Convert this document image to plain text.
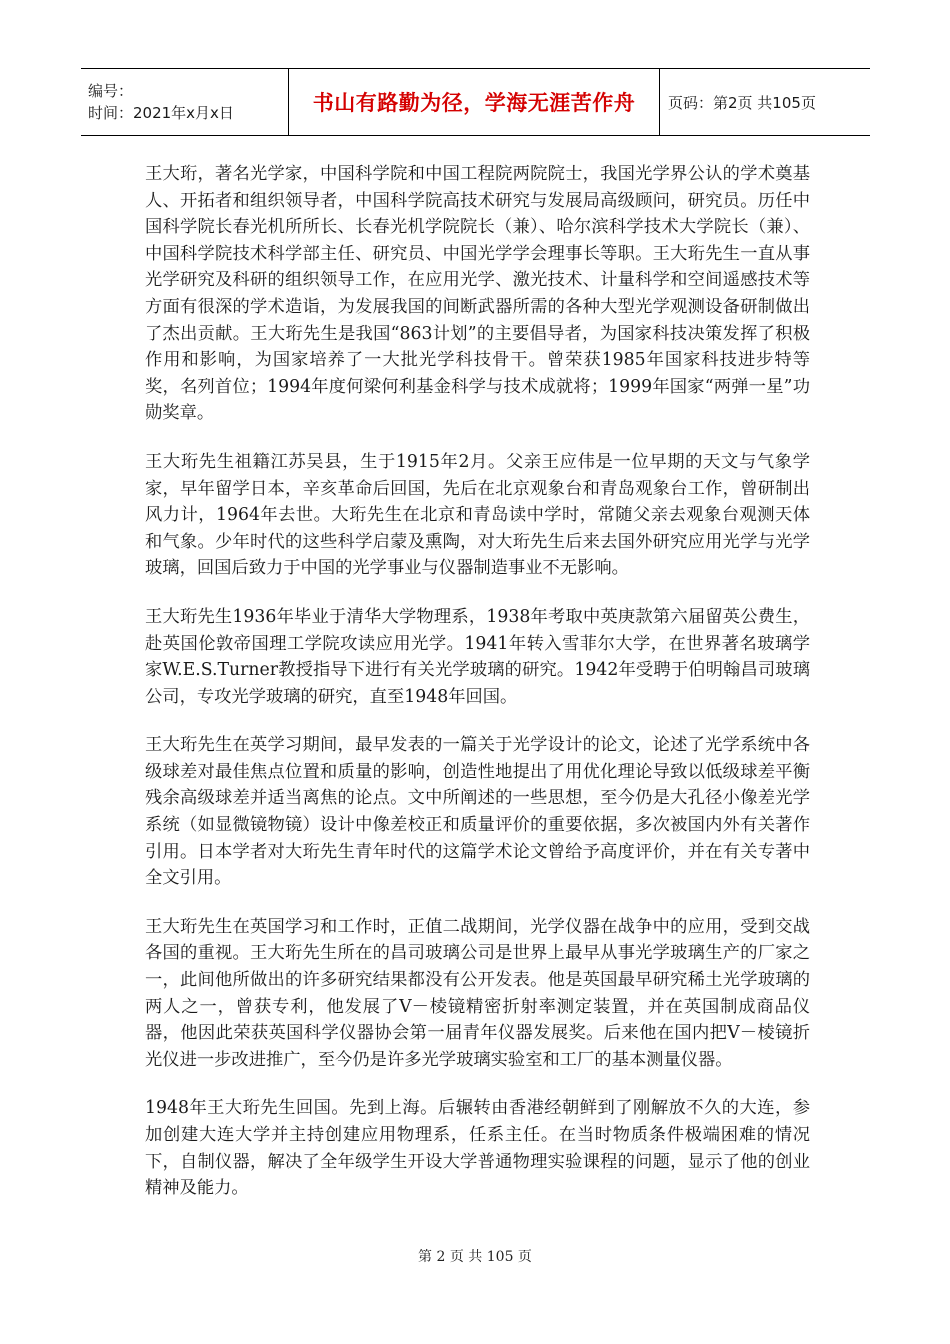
编号：
时间：2021年x月x日	书山有路勤为径，学海无涯苦作舟 页码：第2页 共105页

王大珩，著名光学家，中国科学院和中国工程院两院院士，我国光学界公认的学术奠基人、开拓者和组织领导者，中国科学院高技术研究与发展局高级顾问，研究员。历任中国科学院长春光机所所长、长春光机学院院长（兼）、哈尔滨科学技术大学院长（兼）、中国科学院技术科学部主任、研究员、中国光学学会理事长等职。王大珩先生一直从事光学研究及科研的组织领导工作，在应用光学、激光技术、计量科学和空间遥感技术等方面有很深的学术造诣，为发展我国的间断武器所需的各种大型光学观测设备研制做出了杰出贡献。王大珩先生是我国“863计划”的主要倡导者，为国家科技决策发挥了积极作用和影响，为国家培养了一大批光学科技骨干。曾荣获1985年国家科技进步特等奖，名列首位；1994年度何梁何利基金科学与技术成就将；1999年国家“两弹一星”功勋奖章。

王大珩先生祖籍江苏吴县，生于1915年2月。父亲王应伟是一位早期的天文与气象学家，早年留学日本，辛亥革命后回国，先后在北京观象台和青岛观象台工作，曾研制出风力计，1964年去世。大珩先生在北京和青岛读中学时，常随父亲去观象台观测天体和气象。少年时代的这些科学启蒙及熏陶，对大珩先生后来去国外研究应用光学与光学玻璃，回国后致力于中国的光学事业与仪器制造事业不无影响。

王大珩先生1936年毕业于清华大学物理系，1938年考取中英庚款第六届留英公费生，赴英国伦敦帝国理工学院攻读应用光学。1941年转入雪菲尔大学，在世界著名玻璃学家W.E.S.Turner教授指导下进行有关光学玻璃的研究。1942年受聘于伯明翰昌司玻璃公司，专攻光学玻璃的研究，直至1948年回国。

王大珩先生在英学习期间，最早发表的一篇关于光学设计的论文，论述了光学系统中各级球差对最佳焦点位置和质量的影响，创造性地提出了用优化理论导致以低级球差平衡残余高级球差并适当离焦的论点。文中所阐述的一些思想，至今仍是大孔径小像差光学系统（如显微镜物镜）设计中像差校正和质量评价的重要依据，多次被国内外有关著作引用。日本学者对大珩先生青年时代的这篇学术论文曾给予高度评价，并在有关专著中全文引用。

王大珩先生在英国学习和工作时，正值二战期间，光学仪器在战争中的应用，受到交战各国的重视。王大珩先生所在的昌司玻璃公司是世界上最早从事光学玻璃生产的厂家之一，此间他所做出的许多研究结果都没有公开发表。他是英国最早研究稀土光学玻璃的两人之一，曾获专利，他发展了V－棱镜精密折射率测定装置，并在英国制成商品仪器，他因此荣获英国科学仪器协会第一届青年仪器发展奖。后来他在国内把V－棱镜折光仪进一步改进推广，至今仍是许多光学玻璃实验室和工厂的基本测量仪器。

1948年王大珩先生回国。先到上海。后辗转由香港经朝鲜到了刚解放不久的大连，参加创建大连大学并主持创建应用物理系，任系主任。在当时物质条件极端困难的情况下，自制仪器，解决了全年级学生开设大学普通物理实验课程的问题，显示了他的创业精神及能力。

第 2 页 共 105 页
